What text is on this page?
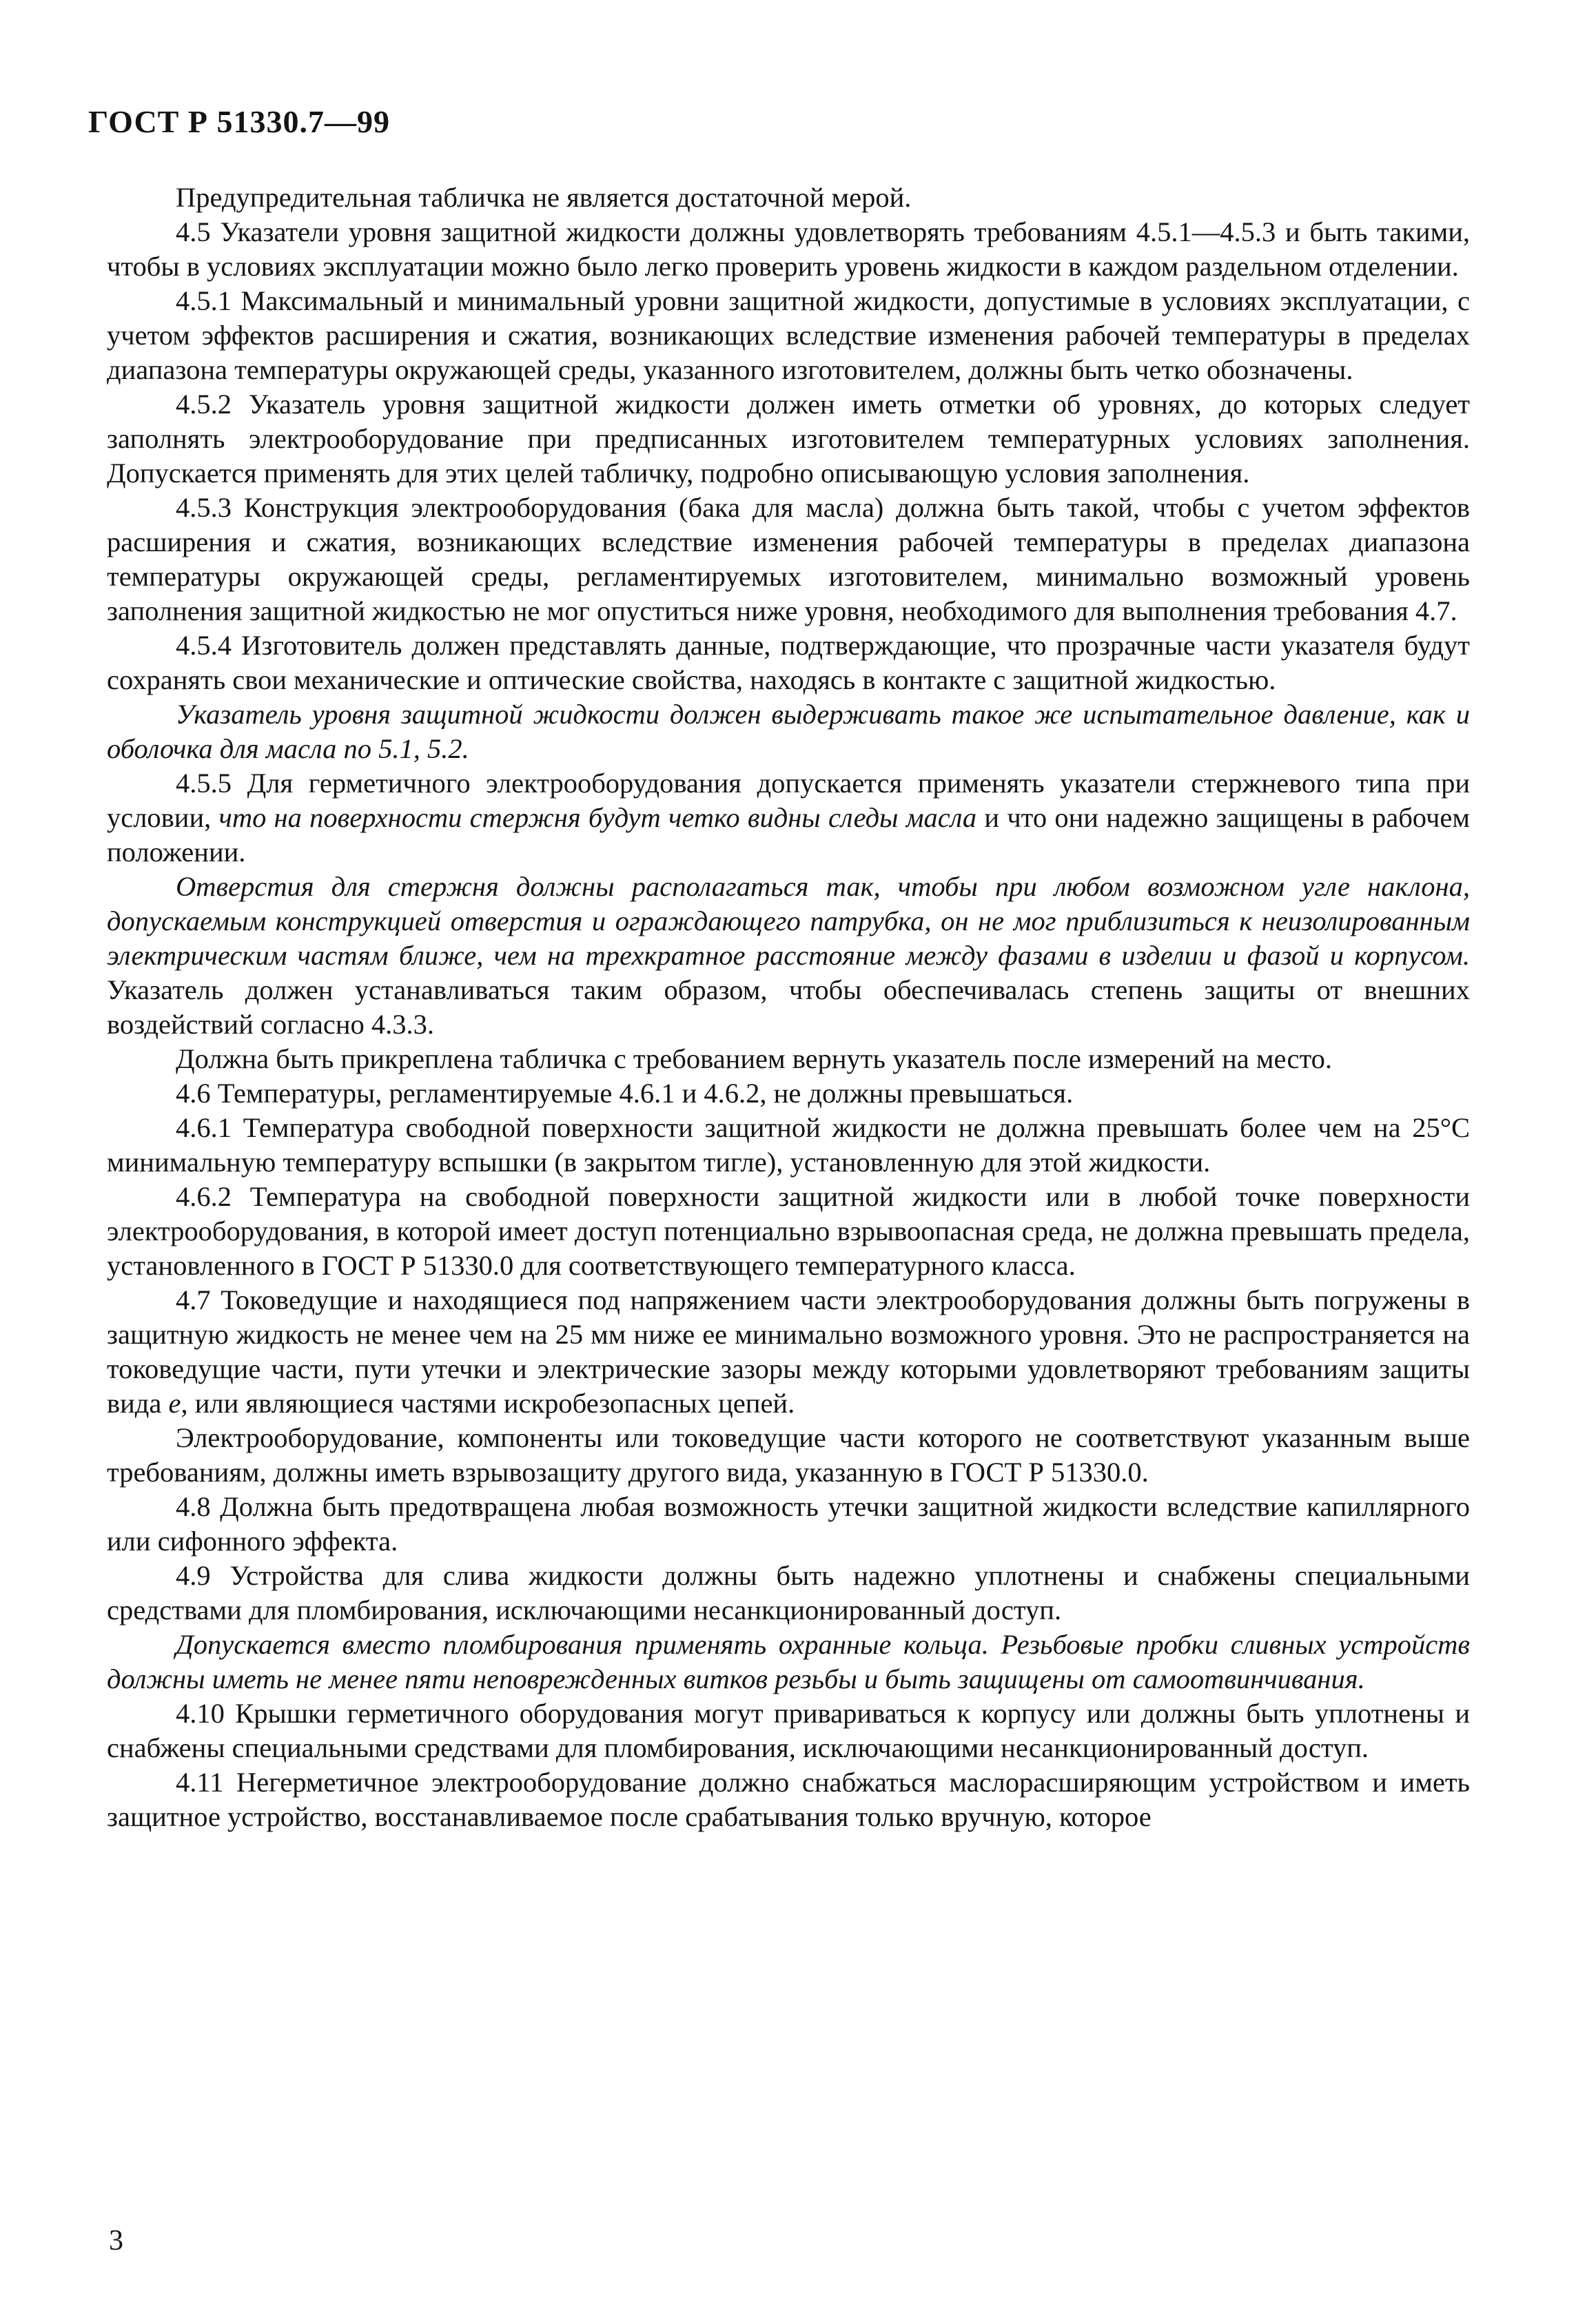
ГОСТ Р 51330.7—99

Предупредительная табличка не является достаточной мерой.

4.5 Указатели уровня защитной жидкости должны удовлетворять требованиям 4.5.1—4.5.3 и быть такими, чтобы в условиях эксплуатации можно было легко проверить уровень жидкости в каждом раздельном отделении.

4.5.1 Максимальный и минимальный уровни защитной жидкости, допустимые в условиях эксплуатации, с учетом эффектов расширения и сжатия, возникающих вследствие изменения рабочей температуры в пределах диапазона температуры окружающей среды, указанного изготовителем, должны быть четко обозначены.

4.5.2 Указатель уровня защитной жидкости должен иметь отметки об уровнях, до которых следует заполнять электрооборудование при предписанных изготовителем температурных условиях заполнения. Допускается применять для этих целей табличку, подробно описывающую условия заполнения.

4.5.3 Конструкция электрооборудования (бака для масла) должна быть такой, чтобы с учетом эффектов расширения и сжатия, возникающих вследствие изменения рабочей температуры в пределах диапазона температуры окружающей среды, регламентируемых изготовителем, минимально возможный уровень заполнения защитной жидкостью не мог опуститься ниже уровня, необходимого для выполнения требования 4.7.

4.5.4 Изготовитель должен представлять данные, подтверждающие, что прозрачные части указателя будут сохранять свои механические и оптические свойства, находясь в контакте с защитной жидкостью.

Указатель уровня защитной жидкости должен выдерживать такое же испытательное давление, как и оболочка для масла по 5.1, 5.2.

4.5.5 Для герметичного электрооборудования допускается применять указатели стержневого типа при условии, что на поверхности стержня будут четко видны следы масла и что они надежно защищены в рабочем положении.

Отверстия для стержня должны располагаться так, чтобы при любом возможном угле наклона, допускаемым конструкцией отверстия и ограждающего патрубка, он не мог приблизиться к неизолированным электрическим частям ближе, чем на трехкратное расстояние между фазами в изделии и фазой и корпусом. Указатель должен устанавливаться таким образом, чтобы обеспечивалась степень защиты от внешних воздействий согласно 4.3.3.

Должна быть прикреплена табличка с требованием вернуть указатель после измерений на место.

4.6 Температуры, регламентируемые 4.6.1 и 4.6.2, не должны превышаться.

4.6.1 Температура свободной поверхности защитной жидкости не должна превышать более чем на 25°С минимальную температуру вспышки (в закрытом тигле), установленную для этой жидкости.

4.6.2 Температура на свободной поверхности защитной жидкости или в любой точке поверхности электрооборудования, в которой имеет доступ потенциально взрывоопасная среда, не должна превышать предела, установленного в ГОСТ Р 51330.0 для соответствующего температурного класса.

4.7 Токоведущие и находящиеся под напряжением части электрооборудования должны быть погружены в защитную жидкость не менее чем на 25 мм ниже ее минимально возможного уровня. Это не распространяется на токоведущие части, пути утечки и электрические зазоры между которыми удовлетворяют требованиям защиты вида е, или являющиеся частями искробезопасных цепей.

Электрооборудование, компоненты или токоведущие части которого не соответствуют указанным выше требованиям, должны иметь взрывозащиту другого вида, указанную в ГОСТ Р 51330.0.

4.8 Должна быть предотвращена любая возможность утечки защитной жидкости вследствие капиллярного или сифонного эффекта.

4.9 Устройства для слива жидкости должны быть надежно уплотнены и снабжены специальными средствами для пломбирования, исключающими несанкционированный доступ.

Допускается вместо пломбирования применять охранные кольца. Резьбовые пробки сливных устройств должны иметь не менее пяти неповрежденных витков резьбы и быть защищены от самоотвинчивания.

4.10 Крышки герметичного оборудования могут привариваться к корпусу или должны быть уплотнены и снабжены специальными средствами для пломбирования, исключающими несанкционированный доступ.

4.11 Негерметичное электрооборудование должно снабжаться маслорасширяющим устройством и иметь защитное устройство, восстанавливаемое после срабатывания только вручную, которое

3
